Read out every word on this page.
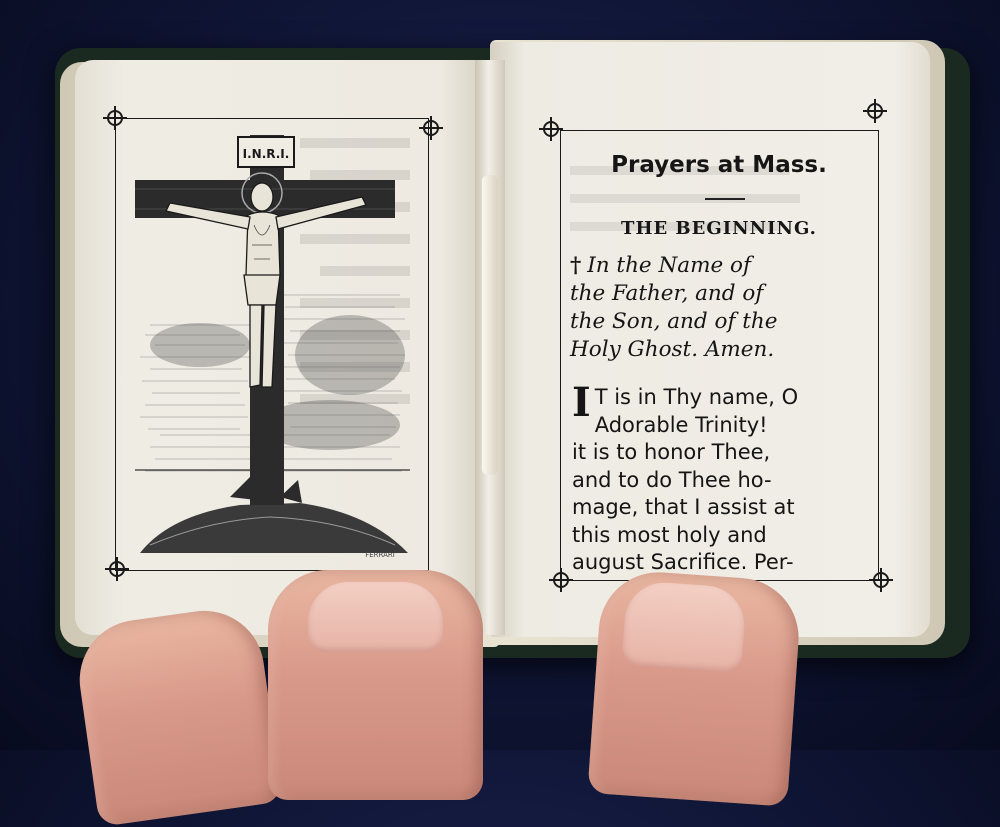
I.N.R.I.
FERRARI
Prayers at Mass.
THE BEGINNING.
† In the Name of
the Father, and of
the Son, and of the
Holy Ghost. Amen.
I T is in Thy name, O
Adorable Trinity!
it is to honor Thee,
and to do Thee ho-
mage, that I assist at
this most holy and
august Sacrifice. Per-
